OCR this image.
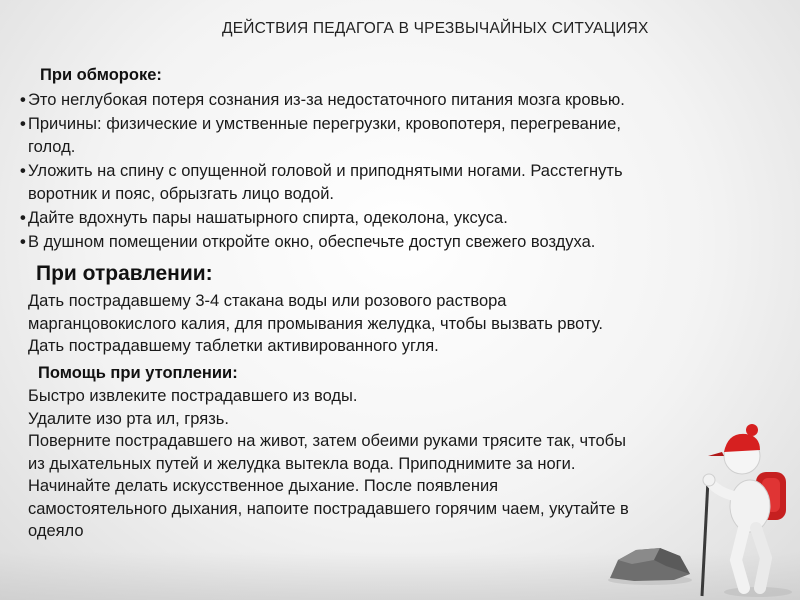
ДЕЙСТВИЯ ПЕДАГОГА В ЧРЕЗВЫЧАЙНЫХ СИТУАЦИЯХ
При обмороке:
• Это неглубокая потеря сознания из-за недостаточного питания мозга кровью.
• Причины: физические и умственные перегрузки, кровопотеря, перегревание,
голод.
• Уложить на спину с опущенной головой и приподнятыми ногами. Расстегнуть
воротник и пояс, обрызгать лицо водой.
• Дайте вдохнуть пары нашатырного спирта, одеколона, уксуса.
• В душном помещении откройте окно, обеспечьте доступ свежего воздуха.
При отравлении:
Дать пострадавшему 3-4 стакана воды или розового раствора
марганцовокислого калия, для промывания желудка, чтобы вызвать рвоту.
Дать пострадавшему таблетки активированного угля.
Помощь при утоплении:
Быстро извлеките пострадавшего из воды.
Удалите изо рта ил, грязь.
Поверните пострадавшего на живот, затем обеими руками трясите так, чтобы
из дыхательных путей и желудка вытекла вода. Приподнимите за ноги.
Начинайте делать искусственное дыхание. После появления
самостоятельного дыхания, напоите пострадавшего горячим чаем, укутайте в
одеяло
